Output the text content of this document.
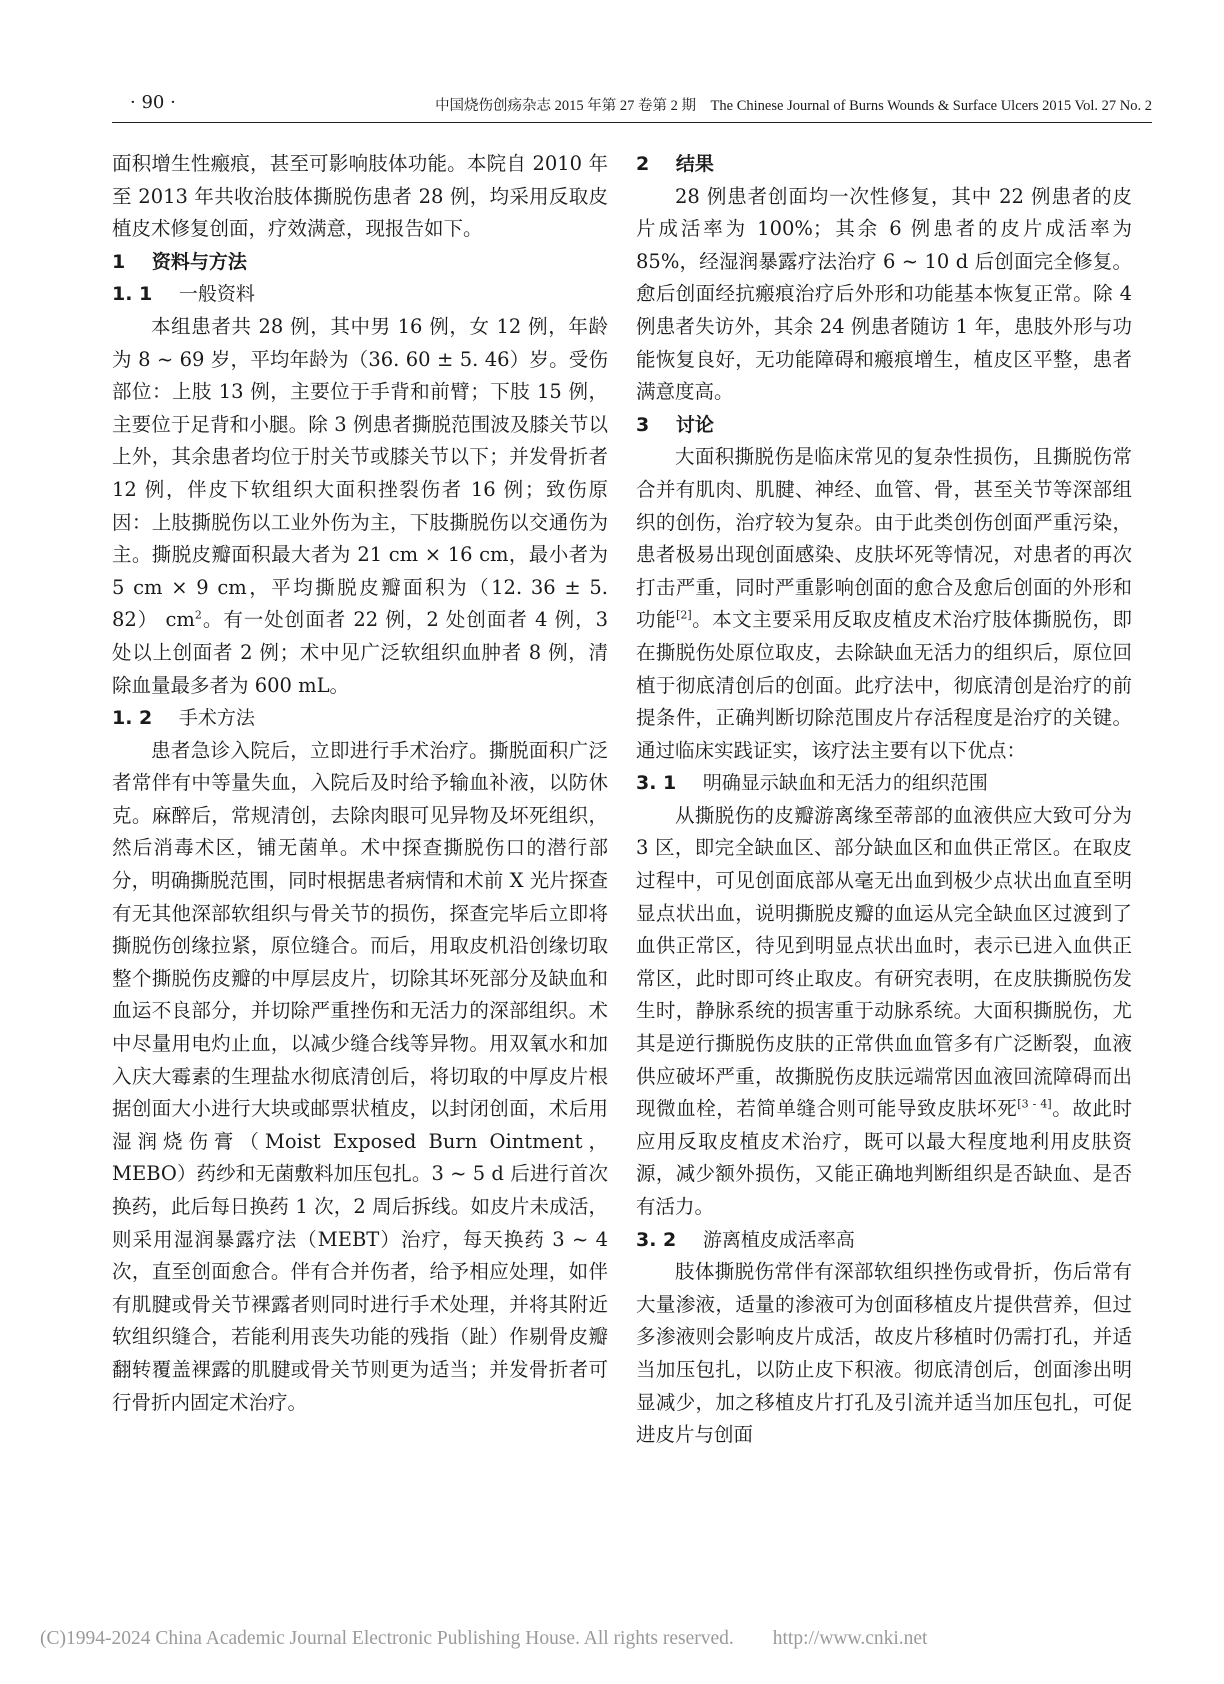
· 90 ·	中国烧伤创疡杂志 2015 年第 27 卷第 2 期　The Chinese Journal of Burns Wounds & Surface Ulcers 2015 Vol. 27 No. 2

面积增生性瘢痕，甚至可影响肢体功能。本院自 2010 年至 2013 年共收治肢体撕脱伤患者 28 例，均采用反取皮植皮术修复创面，疗效满意，现报告如下。

1 资料与方法

1. 1 一般资料

本组患者共 28 例，其中男 16 例，女 12 例，年龄为 8 ~ 69 岁，平均年龄为（36. 60 ± 5. 46）岁。受伤部位：上肢 13 例，主要位于手背和前臂；下肢 15 例，主要位于足背和小腿。除 3 例患者撕脱范围波及膝关节以上外，其余患者均位于肘关节或膝关节以下；并发骨折者 12 例，伴皮下软组织大面积挫裂伤者 16 例；致伤原因：上肢撕脱伤以工业外伤为主，下肢撕脱伤以交通伤为主。撕脱皮瓣面积最大者为 21 cm × 16 cm，最小者为 5 cm × 9 cm，平均撕脱皮瓣面积为（12. 36 ± 5. 82） $cm^2$。有一处创面者 22 例，2 处创面者 4 例，3 处以上创面者 2 例；术中见广泛软组织血肿者 8 例，清除血量最多者为 600 mL。

1. 2 手术方法

患者急诊入院后，立即进行手术治疗。撕脱面积广泛者常伴有中等量失血，入院后及时给予输血补液，以防休克。麻醉后，常规清创，去除肉眼可见异物及坏死组织，然后消毒术区，铺无菌单。术中探查撕脱伤口的潜行部分，明确撕脱范围，同时根据患者病情和术前 X 光片探查有无其他深部软组织与骨关节的损伤，探查完毕后立即将撕脱伤创缘拉紧，原位缝合。而后，用取皮机沿创缘切取整个撕脱伤皮瓣的中厚层皮片，切除其坏死部分及缺血和血运不良部分，并切除严重挫伤和无活力的深部组织。术中尽量用电灼止血，以减少缝合线等异物。用双氧水和加入庆大霉素的生理盐水彻底清创后，将切取的中厚皮片根据创面大小进行大块或邮票状植皮，以封闭创面，术后用湿润烧伤膏（Moist Exposed Burn Ointment，MEBO）药纱和无菌敷料加压包扎。3 ~ 5 d 后进行首次换药，此后每日换药 1 次，2 周后拆线。如皮片未成活，则采用湿润暴露疗法（MEBT）治疗，每天换药 3 ~ 4 次，直至创面愈合。伴有合并伤者，给予相应处理，如伴有肌腱或骨关节裸露者则同时进行手术处理，并将其附近软组织缝合，若能利用丧失功能的残指（趾）作剔骨皮瓣翻转覆盖裸露的肌腱或骨关节则更为适当；并发骨折者可行骨折内固定术治疗。

2 结果

28 例患者创面均一次性修复，其中 22 例患者的皮片成活率为 100%；其余 6 例患者的皮片成活率为 85%，经湿润暴露疗法治疗 6 ~ 10 d 后创面完全修复。愈后创面经抗瘢痕治疗后外形和功能基本恢复正常。除 4 例患者失访外，其余 24 例患者随访 1 年，患肢外形与功能恢复良好，无功能障碍和瘢痕增生，植皮区平整，患者满意度高。

3 讨论

大面积撕脱伤是临床常见的复杂性损伤，且撕脱伤常合并有肌肉、肌腱、神经、血管、骨，甚至关节等深部组织的创伤，治疗较为复杂。由于此类创伤创面严重污染，患者极易出现创面感染、皮肤坏死等情况，对患者的再次打击严重，同时严重影响创面的愈合及愈后创面的外形和功能[2]。本文主要采用反取皮植皮术治疗肢体撕脱伤，即在撕脱伤处原位取皮，去除缺血无活力的组织后，原位回植于彻底清创后的创面。此疗法中，彻底清创是治疗的前提条件，正确判断切除范围皮片存活程度是治疗的关键。通过临床实践证实，该疗法主要有以下优点：

3. 1 明确显示缺血和无活力的组织范围

从撕脱伤的皮瓣游离缘至蒂部的血液供应大致可分为 3 区，即完全缺血区、部分缺血区和血供正常区。在取皮过程中，可见创面底部从毫无出血到极少点状出血直至明显点状出血，说明撕脱皮瓣的血运从完全缺血区过渡到了血供正常区，待见到明显点状出血时，表示已进入血供正常区，此时即可终止取皮。有研究表明，在皮肤撕脱伤发生时，静脉系统的损害重于动脉系统。大面积撕脱伤，尤其是逆行撕脱伤皮肤的正常供血血管多有广泛断裂，血液供应破坏严重，故撕脱伤皮肤远端常因血液回流障碍而出现微血栓，若简单缝合则可能导致皮肤坏死[3 - 4]。故此时应用反取皮植皮术治疗，既可以最大程度地利用皮肤资源，减少额外损伤，又能正确地判断组织是否缺血、是否有活力。

3. 2 游离植皮成活率高

肢体撕脱伤常伴有深部软组织挫伤或骨折，伤后常有大量渗液，适量的渗液可为创面移植皮片提供营养，但过多渗液则会影响皮片成活，故皮片移植时仍需打孔，并适当加压包扎，以防止皮下积液。彻底清创后，创面渗出明显减少，加之移植皮片打孔及引流并适当加压包扎，可促进皮片与创面

(C)1994-2024 China Academic Journal Electronic Publishing House. All rights reserved.　　http://www.cnki.net
